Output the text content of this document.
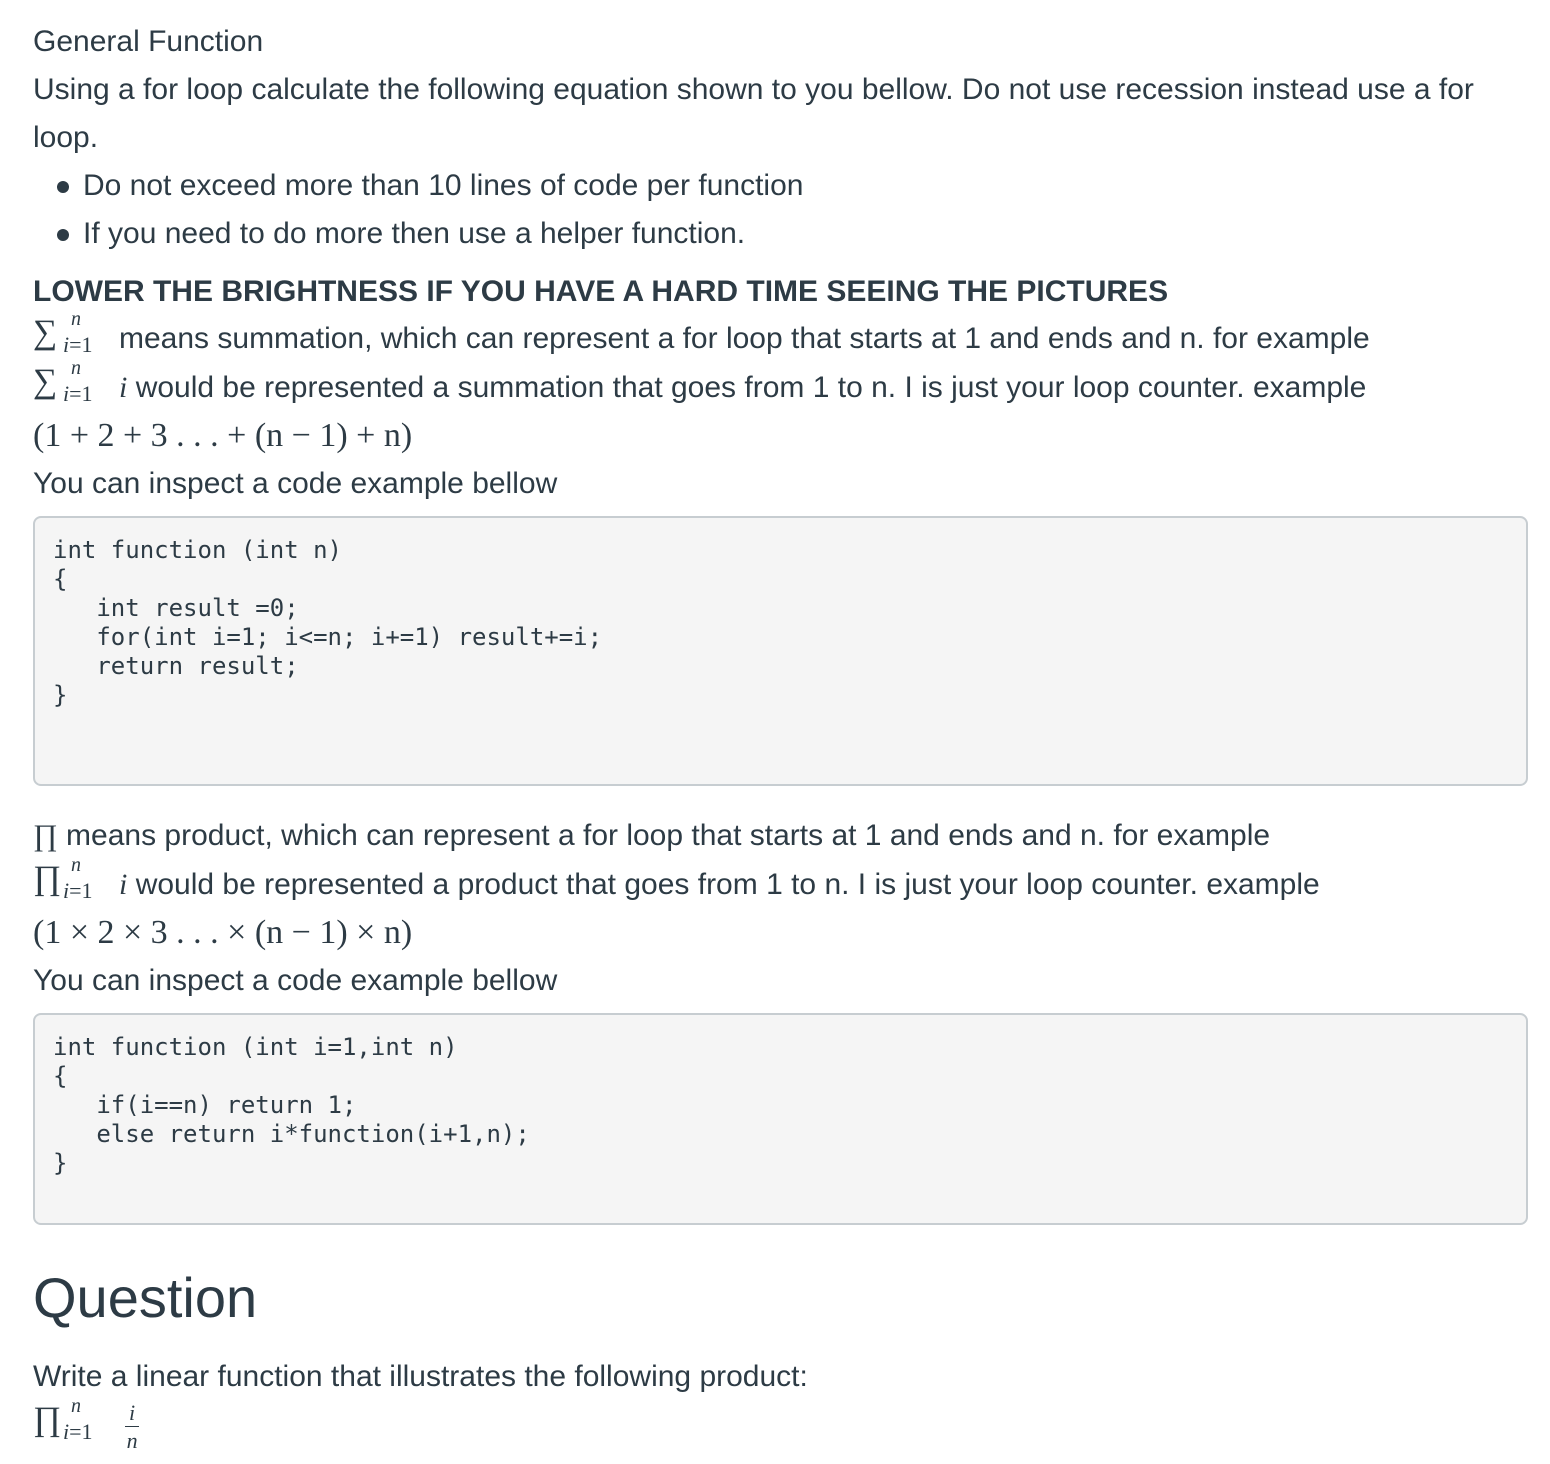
General Function

Using a for loop calculate the following equation shown to you bellow. Do not use recession instead use a for loop.

Do not exceed more than 10 lines of code per function
If you need to do more then use a helper function.

LOWER THE BRIGHTNESS IF YOU HAVE A HARD TIME SEEING THE PICTURES

∑ n
i=1 means summation, which can represent a for loop that starts at 1 and ends and n. for example

∑ n
i=1 i would be represented a summation that goes from 1 to n. I is just your loop counter. example

(1 + 2 + 3 . . . + (n − 1) + n)

You can inspect a code example bellow

int function (int n)
{
int result =0;
for(int i=1; i<=n; i+=1) result+=i;
return result;
}

∏ means product, which can represent a for loop that starts at 1 and ends and n. for example

∏ n
i=1 i would be represented a product that goes from 1 to n. I is just your loop counter. example

(1 × 2 × 3 . . . × (n − 1) × n)

You can inspect a code example bellow

int function (int i=1,int n)
{
if(i==n) return 1;
else return i*function(i+1,n);
}
Question

Write a linear function that illustrates the following product:

∏ n
$i=1 \frac{i}{n}$
